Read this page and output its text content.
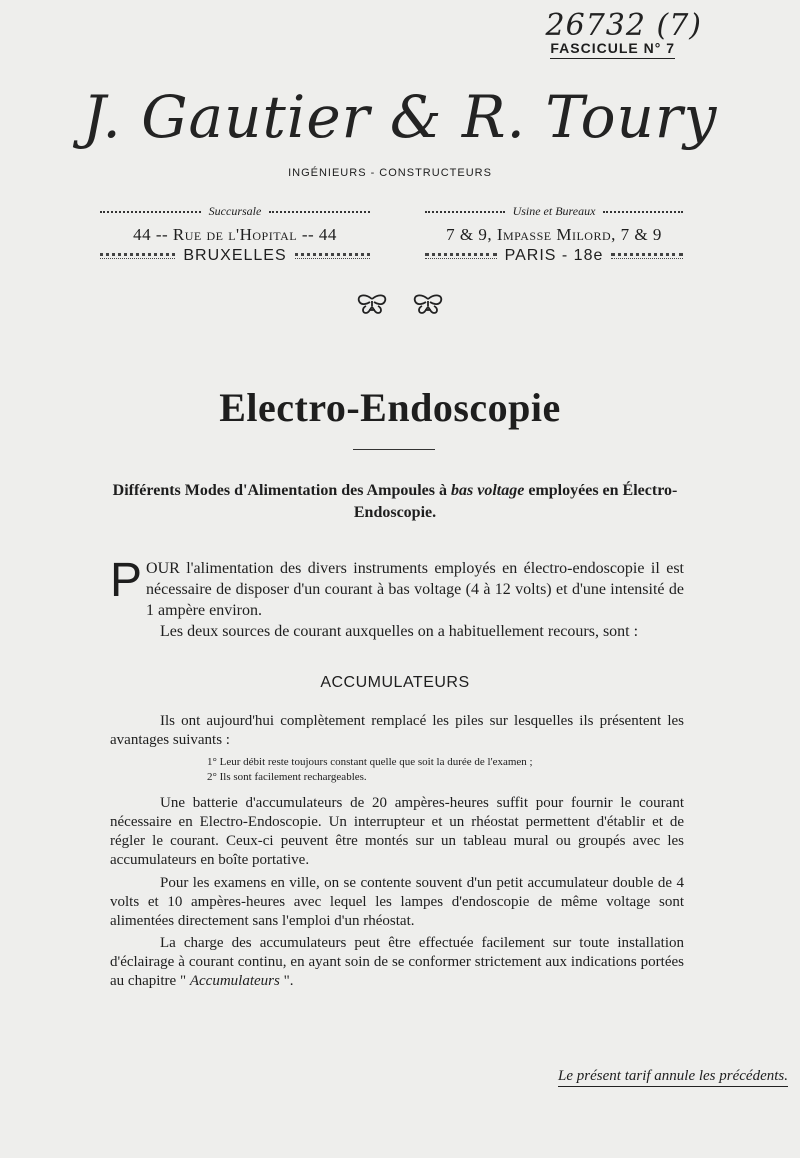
26732 (7)
FASCICULE N° 7
J. Gautier & R. Toury
INGÉNIEURS - CONSTRUCTEURS
Succursale
44 -- Rue de l'Hopital -- 44
BRUXELLES
Usine et Bureaux
7 & 9, Impasse Milord, 7 & 9
PARIS - 18e
Electro-Endoscopie
Différents Modes d'Alimentation des Ampoules à bas voltage employées en Électro-Endoscopie.
POUR l'alimentation des divers instruments employés en électro-endoscopie il est nécessaire de disposer d'un courant à bas voltage (4 à 12 volts) et d'une intensité de 1 ampère environ.
Les deux sources de courant auxquelles on a habituellement recours, sont :
ACCUMULATEURS
Ils ont aujourd'hui complètement remplacé les piles sur lesquelles ils présentent les avantages suivants :
1° Leur débit reste toujours constant quelle que soit la durée de l'examen ;
2° Ils sont facilement rechargeables.
Une batterie d'accumulateurs de 20 ampères-heures suffit pour fournir le courant nécessaire en Electro-Endoscopie. Un interrupteur et un rhéostat permettent d'établir et de régler le courant. Ceux-ci peuvent être montés sur un tableau mural ou groupés avec les accumulateurs en boîte portative.
Pour les examens en ville, on se contente souvent d'un petit accumulateur double de 4 volts et 10 ampères-heures avec lequel les lampes d'endoscopie de même voltage sont alimentées directement sans l'emploi d'un rhéostat.
La charge des accumulateurs peut être effectuée facilement sur toute installation d'éclairage à courant continu, en ayant soin de se conformer strictement aux indications portées au chapitre " Accumulateurs ".
Le présent tarif annule les précédents.
